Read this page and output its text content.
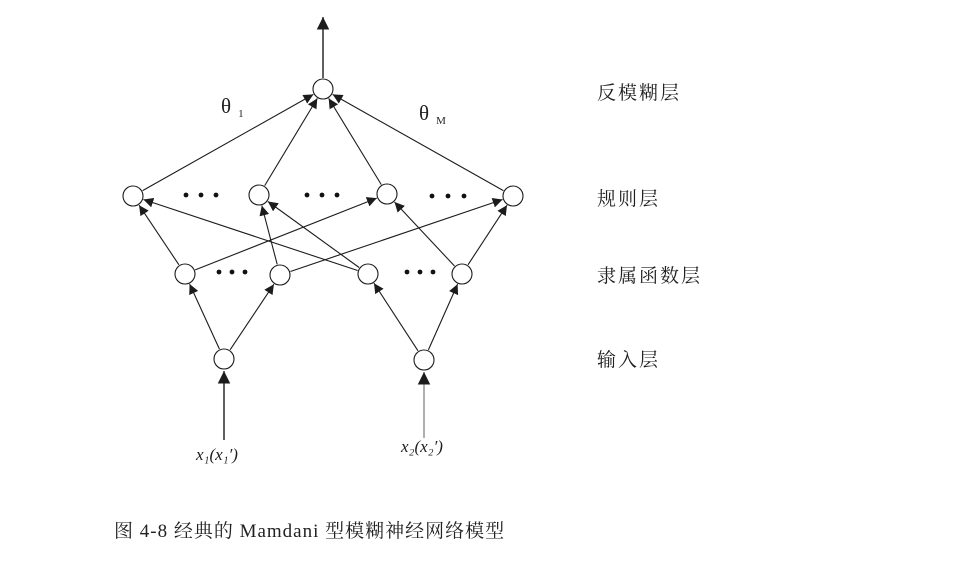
θ $_1$	θ $_M$
反模糊层
规则层
隶属函数层
输入层
x₁(x₁′)	x₂(x₂′)
图 4-8 经典的 Mamdani 型模糊神经网络模型
